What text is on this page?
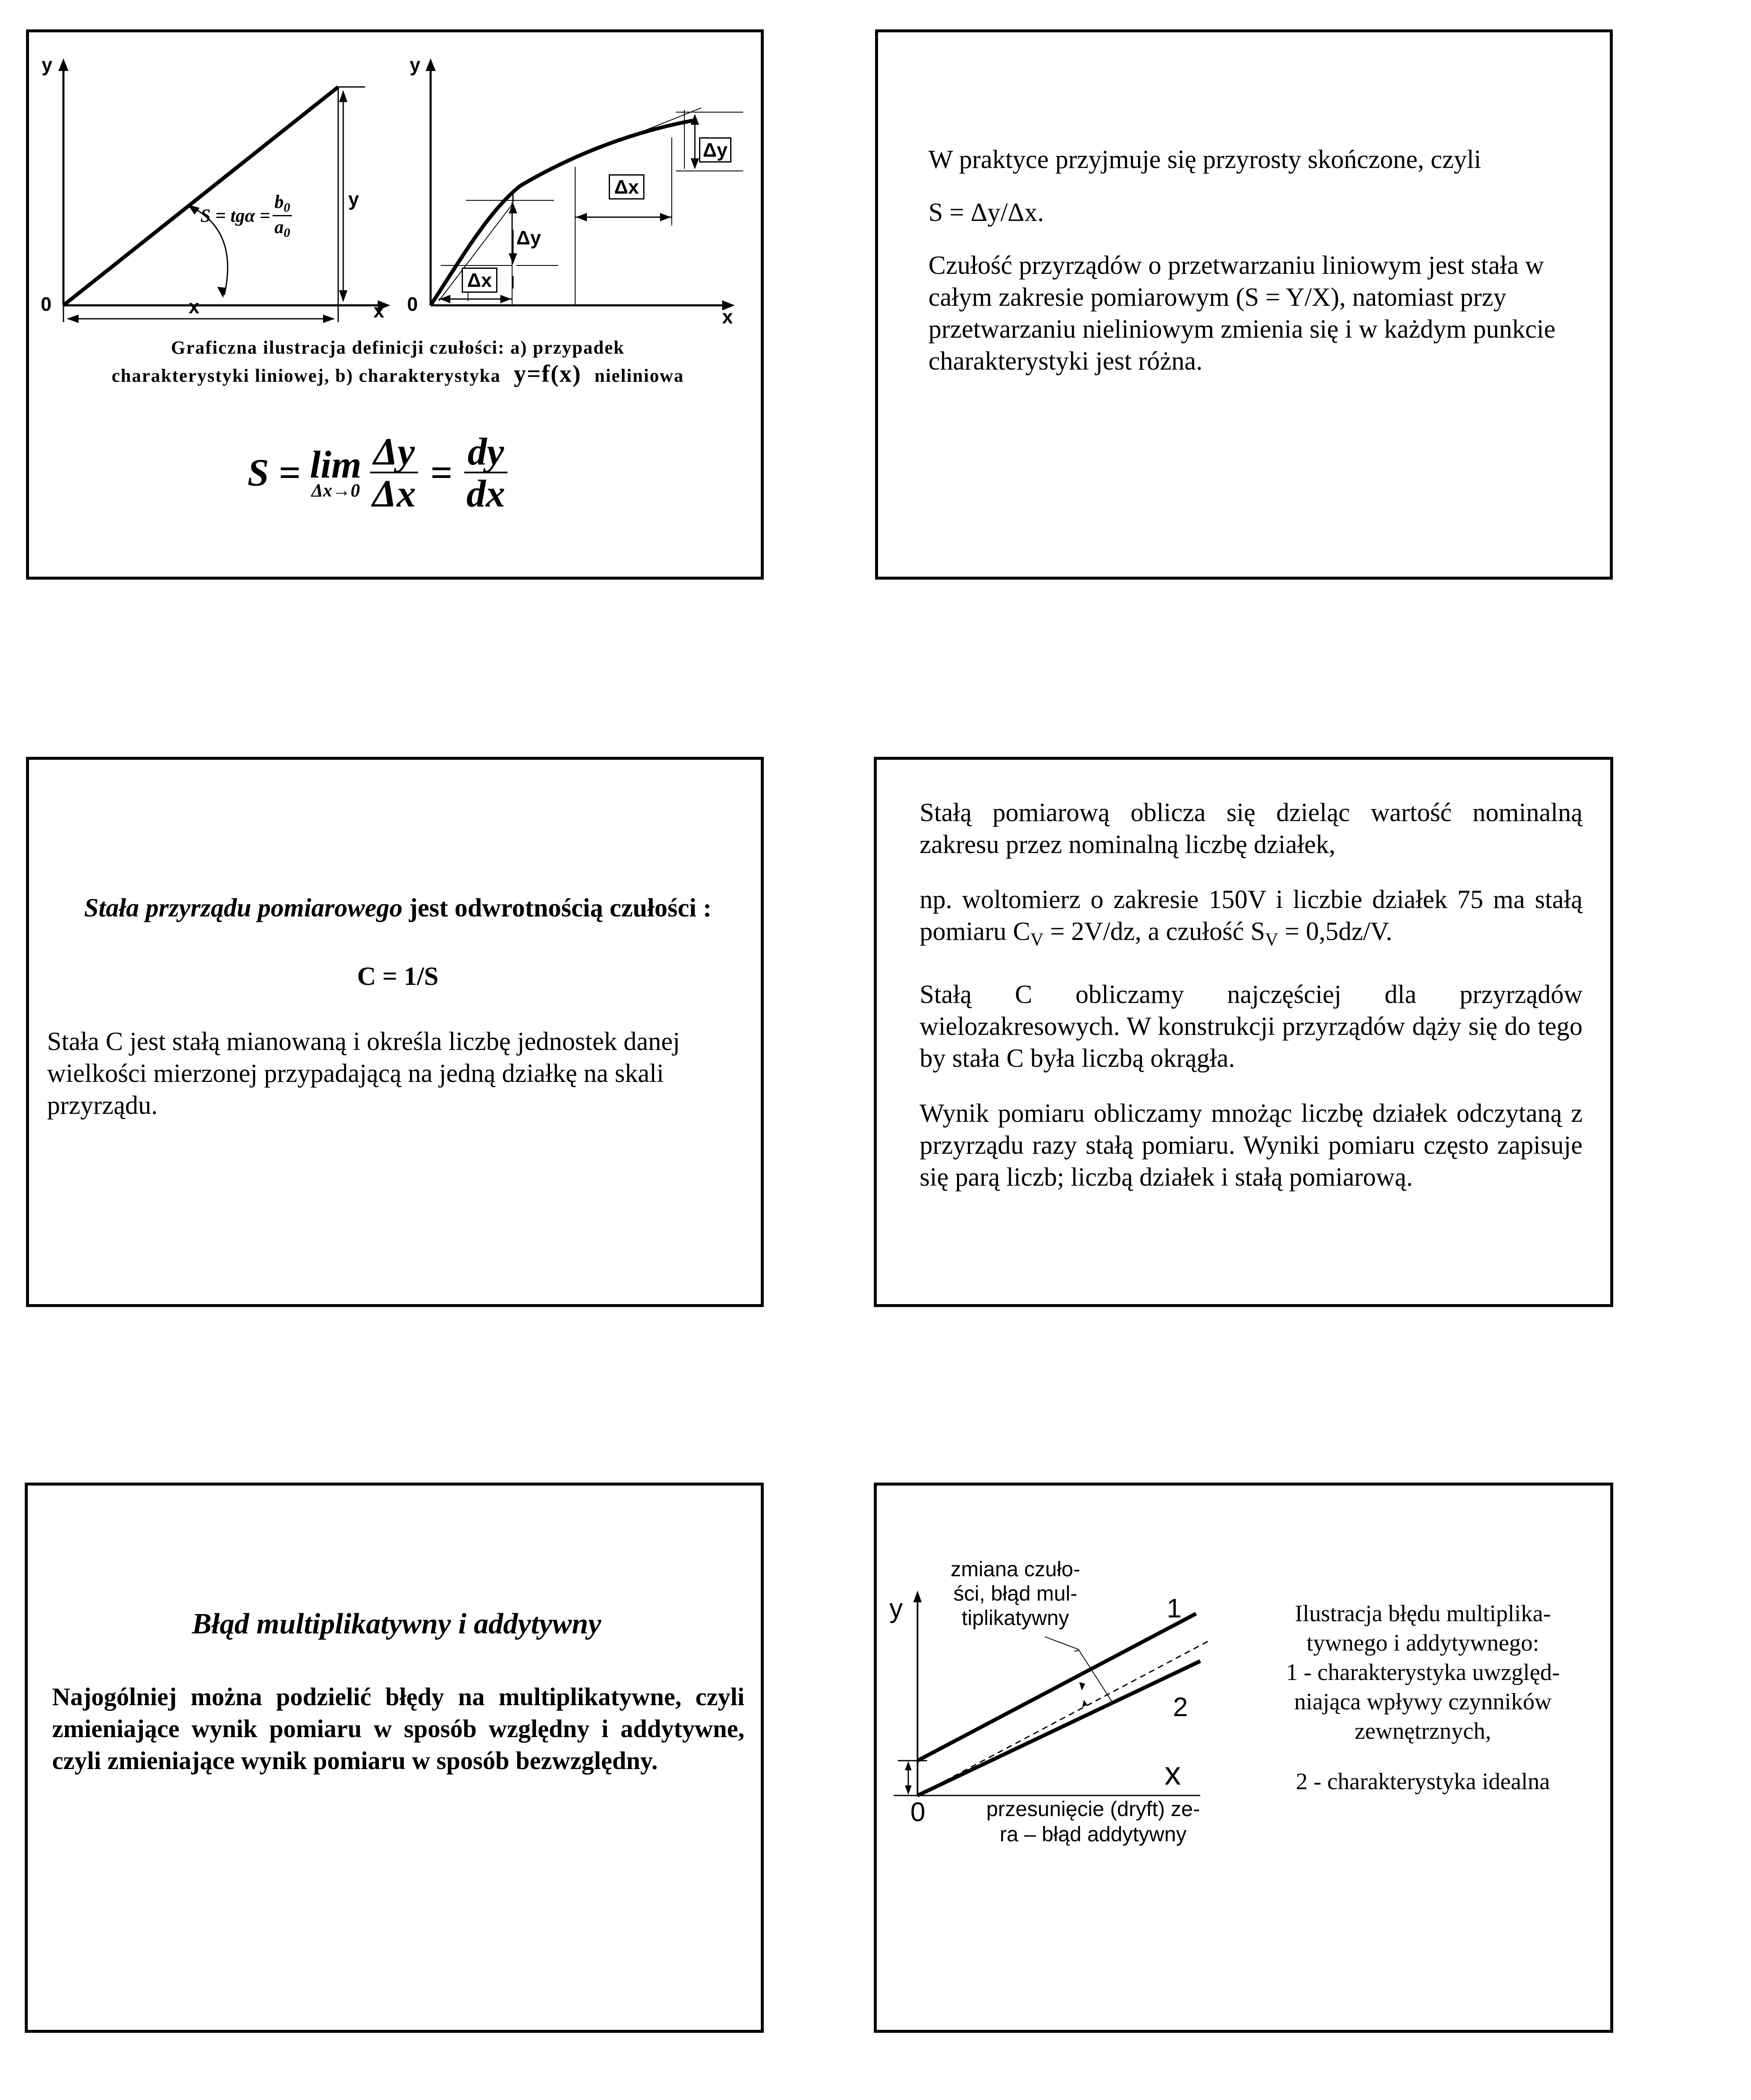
y
0	x
x
y
$S = tg\alpha = \frac{b_0}{a_0}$
y
0
x
Δx
Δy
Δx
Δy
Graficzna ilustracja definicji czułości: a) przypadek
charakterystyki liniowej, b) charakterystyka y=f(x) nieliniowa
S = lim
$\Delta x\to 0 \frac{\Delta y}{\Delta x} = \frac{dy}{dx}$
W praktyce przyjmuje się przyrosty skończone, czyli
S = Δy/Δx.
Czułość przyrządów o przetwarzaniu liniowym jest stała w całym zakresie pomiarowym (S = Y/X), natomiast przy przetwarzaniu nieliniowym zmienia się i w każdym punkcie charakterystyki jest różna.
Stała przyrządu pomiarowego jest odwrotnością czułości :
C = 1/S
Stała C jest stałą mianowaną i określa liczbę jednostek danej wielkości mierzonej przypadającą na jedną działkę na skali przyrządu.
Stałą pomiarową oblicza się dzieląc wartość nominalną zakresu przez nominalną liczbę działek,
np. woltomierz o zakresie 150V i liczbie działek 75 ma stałą pomiaru $C_V = 2V/dz$, a czułość $S_V = 0,5dz/V$.
Stałą C obliczamy najczęściej dla przyrządów wielozakresowych. W konstrukcji przyrządów dąży się do tego by stała C była liczbą okrągła.
Wynik pomiaru obliczamy mnożąc liczbę działek odczytaną z przyrządu razy stałą pomiaru. Wyniki pomiaru często zapisuje się parą liczb; liczbą działek i stałą pomiarową.
Błąd multiplikatywny i addytywny
Najogólniej można podzielić błędy na multiplikatywne, czyli zmieniające wynik pomiaru w sposób względny i addytywne, czyli zmieniające wynik pomiaru w sposób bezwzględny.
y
x
0
1
2
zmiana czuło-
ści, błąd mul-
tiplikatywny
przesunięcie (dryft) ze-
ra – błąd addytywny
Ilustracja błędu multiplika-
tywnego i addytywnego:
1 - charakterystyka uwzględ-
niająca wpływy czynników
zewnętrznych,
2 - charakterystyka idealna
